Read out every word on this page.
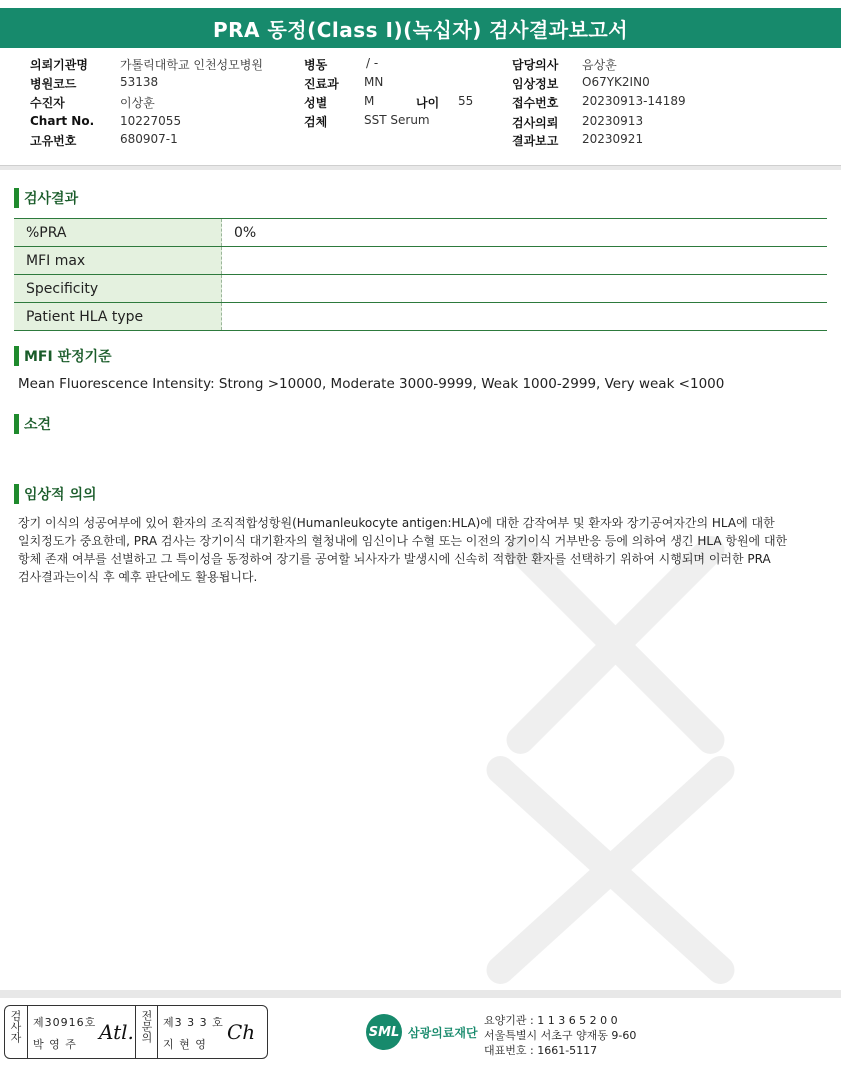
PRA 동정(Class I)(녹십자) 검사결과보고서
의뢰기관명	가톨릭대학교 인천성모병원
병원코드	53138
수진자	이상훈
Chart No. 10227055
고유번호	680907-1
병동	/ -
진료과 MN
성별	M	나이 55
검체	SST Serum
담당의사 음상훈
임상정보 O67YK2IN0
접수번호 20230913-14189
검사의뢰 20230913
결과보고 20230921
검사결과
%PRA	0%
MFI max
Specificity
Patient HLA type
MFI 판정기준
Mean Fluorescence Intensity: Strong >10000, Moderate 3000-9999, Weak 1000-2999, Very weak <1000
소견
임상적 의의
장기 이식의 성공여부에 있어 환자의 조직적합성항원(Humanleukocyte antigen:HLA)에 대한 감작여부 및 환자와 장기공여자간의 HLA에 대한
일치정도가 중요한데, PRA 검사는 장기이식 대기환자의 혈청내에 임신이나 수혈 또는 이전의 장기이식 거부반응 등에 의하여 생긴 HLA 항원에 대한
항체 존재 여부를 선별하고 그 특이성을 동정하여 장기를 공여할 뇌사자가 발생시에 신속히 적합한 환자를 선택하기 위하여 시행되며 이러한 PRA
검사결과는이식 후 예후 판단에도 활용됩니다.
검사자 제30916호
박 영 주
Atl. 전문의 제3 3 3 호
지 현 영
Ch	SML 삼광의료재단
요양기관 : 1 1 3 6 5 2 0 0
서울특별시 서초구 양재동 9-60
대표번호 : 1661-5117
